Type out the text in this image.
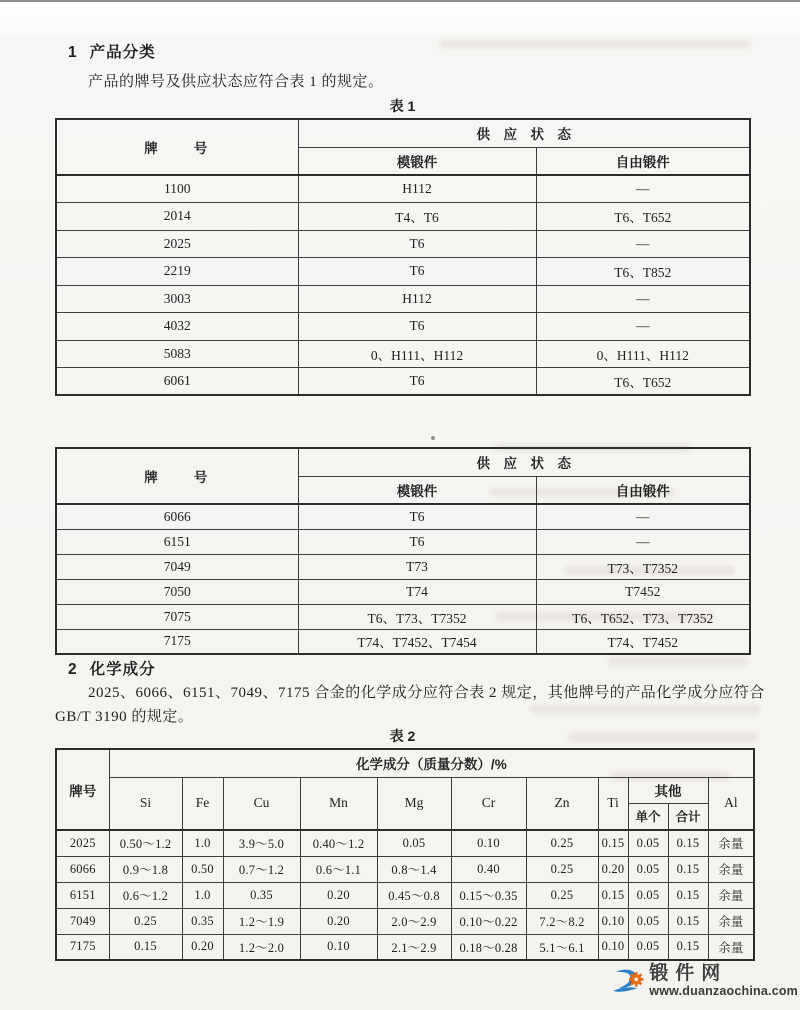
1 产品分类
产品的牌号及供应状态应符合表 1 的规定。
表 1
牌　　号	供　应　状　态	
	模锻件	自由锻件
1100	H112	—
2014	T4、T6	T6、T652
2025	T6	—
2219	T6	T6、T852
3003	H112	—
4032	T6	—
5083	0、H111、H112	0、H111、H112
6061	T6	T6、T652
牌　　号	供　应　状　态	
	模锻件	自由锻件
6066	T6	—
6151	T6	—
7049	T73	T73、T7352
7050	T74	T7452
7075	T6、T73、T7352	T6、T652、T73、T7352
7175	T74、T7452、T7454	T74、T7452
2 化学成分
2025、6066、6151、7049、7175 合金的化学成分应符合表 2 规定，其他牌号的产品化学成分应符合
GB/T 3190 的规定。
表 2
牌号	化学成分（质量分数）/%										
	Si	Fe	Cu	Mn	Mg	Cr	Zn	Ti	其他		Al
									单个	合计	
2025	0.50～1.2	1.0	3.9～5.0	0.40～1.2	0.05	0.10	0.25	0.15	0.05	0.15	余量
6066	0.9～1.8	0.50	0.7～1.2	0.6～1.1	0.8～1.4	0.40	0.25	0.20	0.05	0.15	余量
6151	0.6～1.2	1.0	0.35	0.20	0.45～0.8	0.15～0.35	0.25	0.15	0.05	0.15	余量
7049	0.25	0.35	1.2～1.9	0.20	2.0～2.9	0.10～0.22	7.2～8.2	0.10	0.05	0.15	余量
7175	0.15	0.20	1.2～2.0	0.10	2.1～2.9	0.18～0.28	5.1～6.1	0.10	0.05	0.15	余量
锻件网
www.duanzaochina.com
